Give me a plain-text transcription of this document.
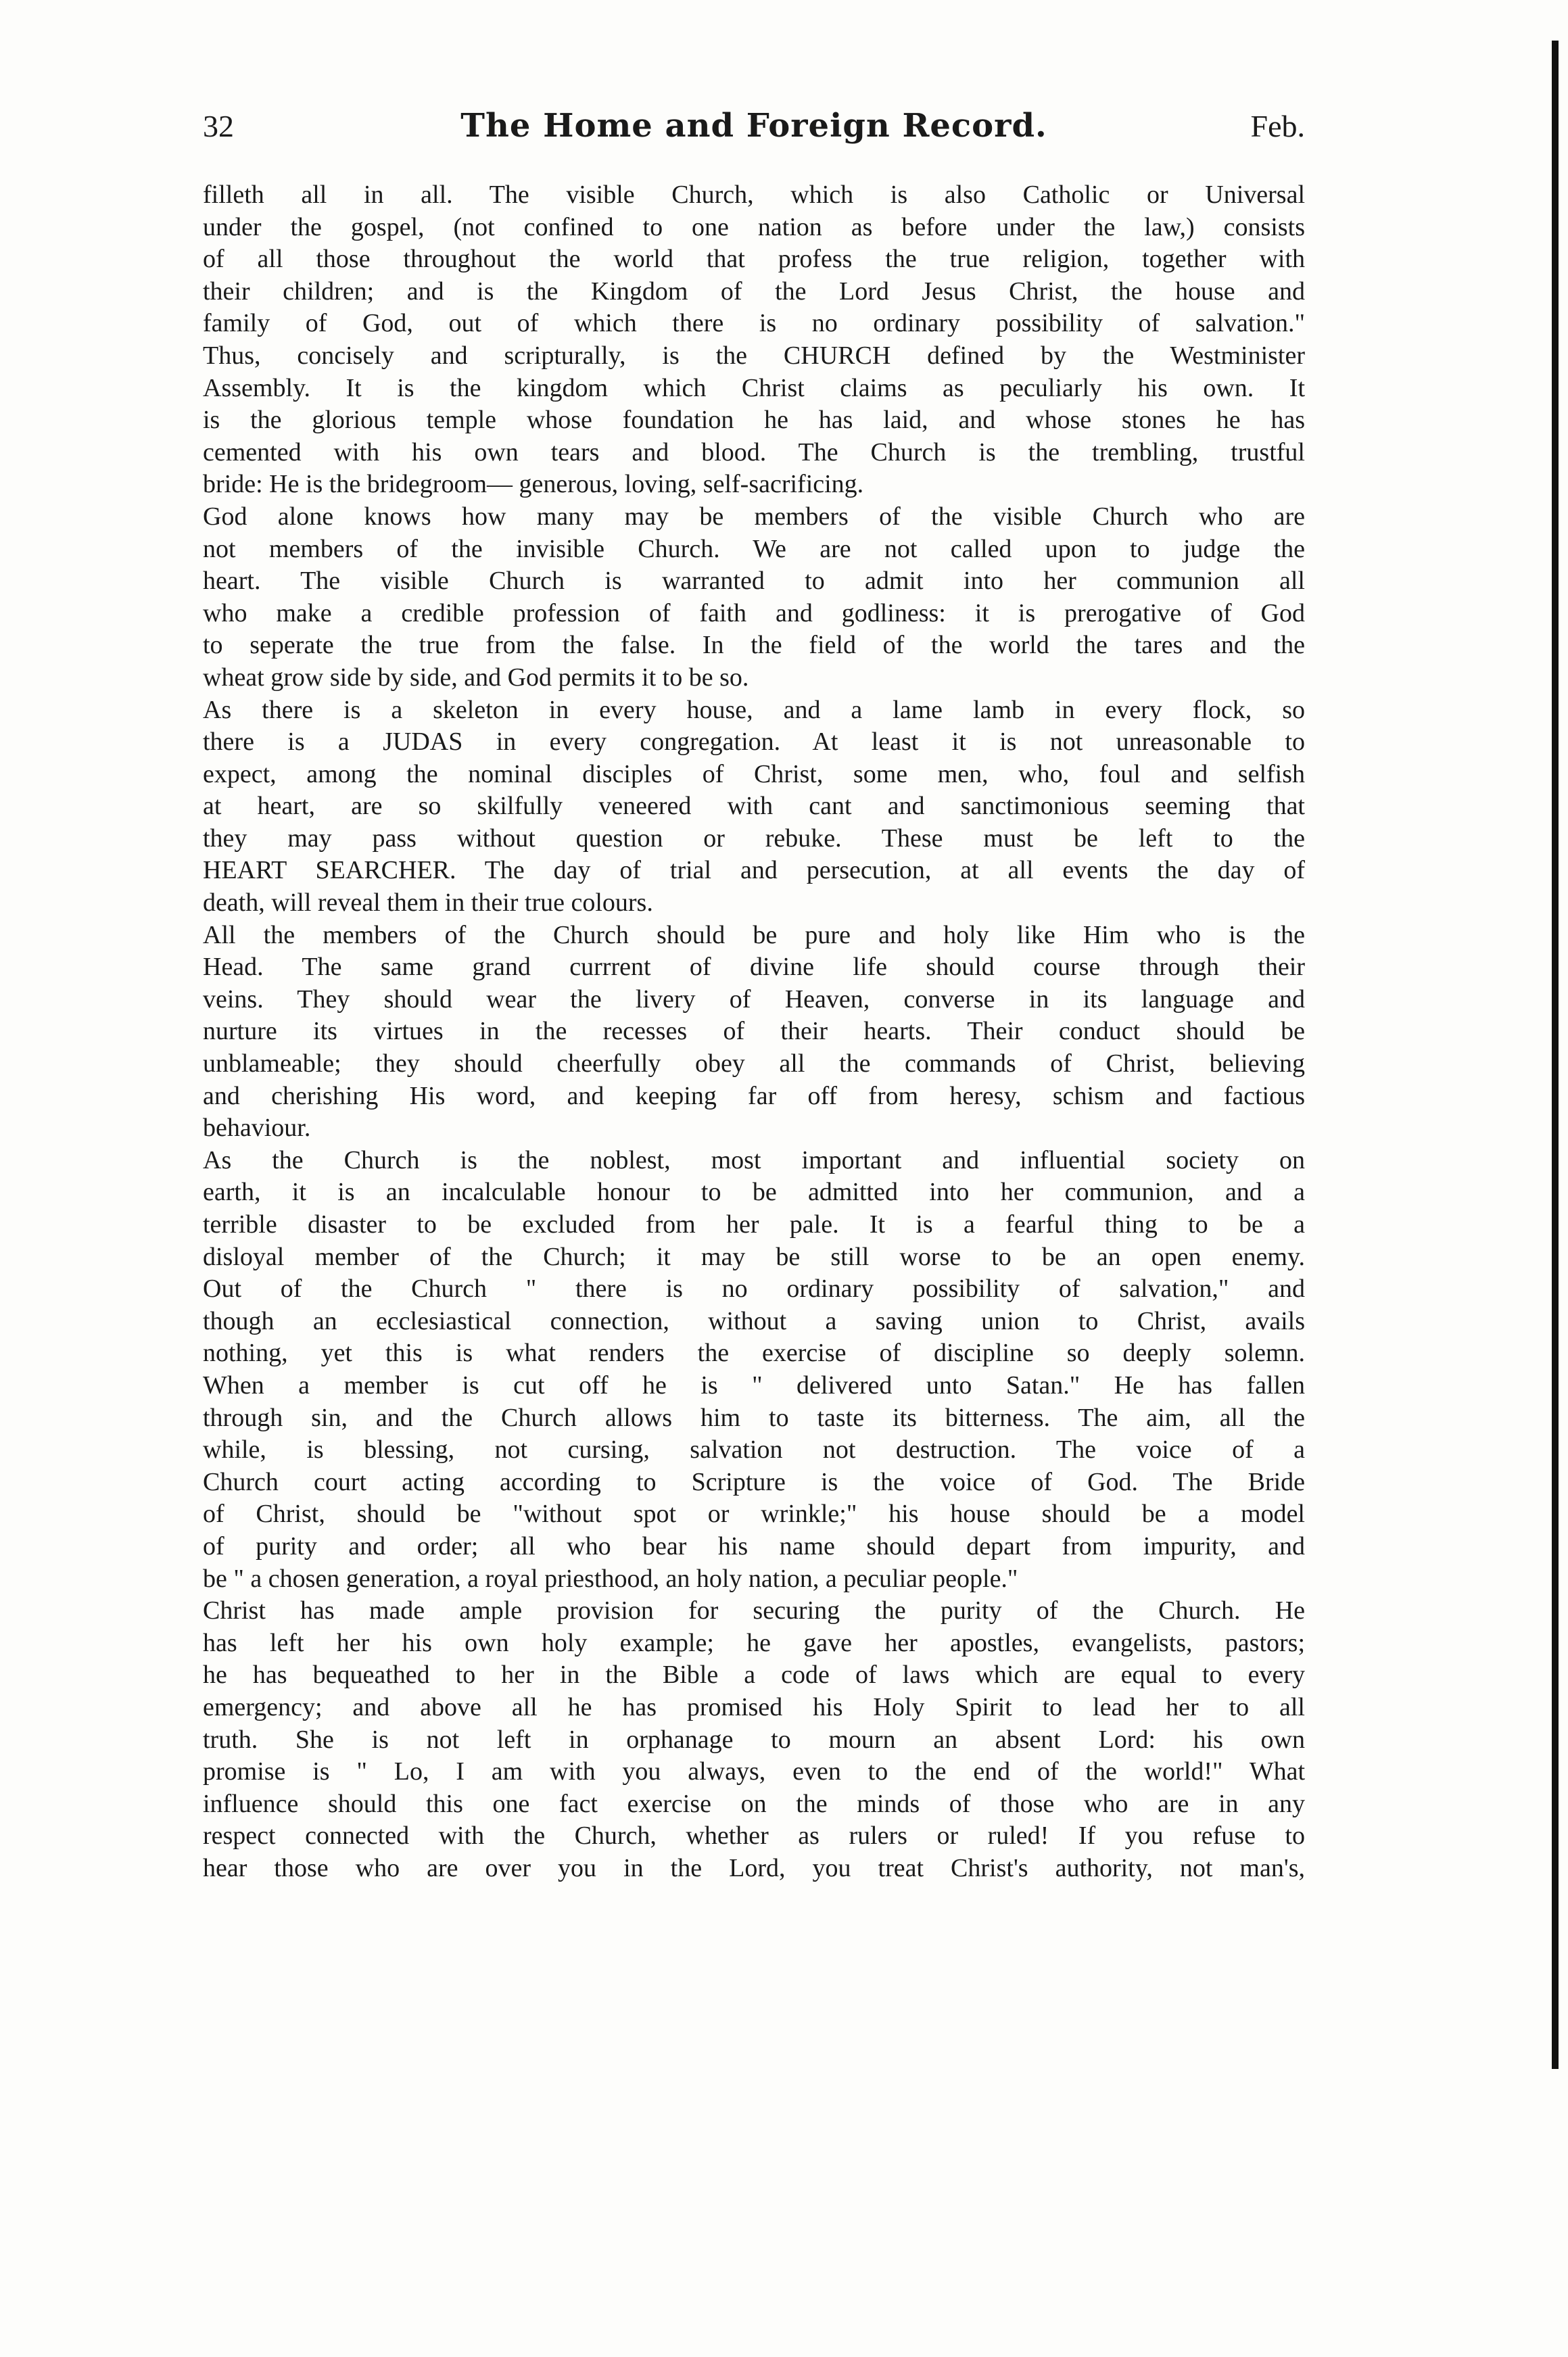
32	The Home and Foreign Record.	Feb.

filleth all in all. The visible Church, which is also Catholic or Universal

under the gospel, (not confined to one nation as before under the law,) consists

of all those throughout the world that profess the true religion, together with

their children; and is the Kingdom of the Lord Jesus Christ, the house and

family of God, out of which there is no ordinary possibility of salvation."

Thus, concisely and scripturally, is the CHURCH defined by the Westminister

Assembly. It is the kingdom which Christ claims as peculiarly his own. It

is the glorious temple whose foundation he has laid, and whose stones he has

cemented with his own tears and blood. The Church is the trembling, trustful

bride: He is the bridegroom— generous, loving, self-sacrificing.

God alone knows how many may be members of the visible Church who are

not members of the invisible Church. We are not called upon to judge the

heart. The visible Church is warranted to admit into her communion all

who make a credible profession of faith and godliness: it is prerogative of God

to seperate the true from the false. In the field of the world the tares and the

wheat grow side by side, and God permits it to be so.

As there is a skeleton in every house, and a lame lamb in every flock, so

there is a JUDAS in every congregation. At least it is not unreasonable to

expect, among the nominal disciples of Christ, some men, who, foul and selfish

at heart, are so skilfully veneered with cant and sanctimonious seeming that

they may pass without question or rebuke. These must be left to the

HEART SEARCHER. The day of trial and persecution, at all events the day of

death, will reveal them in their true colours.

All the members of the Church should be pure and holy like Him who is the

Head. The same grand currrent of divine life should course through their

veins. They should wear the livery of Heaven, converse in its language and

nurture its virtues in the recesses of their hearts. Their conduct should be

unblameable; they should cheerfully obey all the commands of Christ, believing

and cherishing His word, and keeping far off from heresy, schism and factious

behaviour.

As the Church is the noblest, most important and influential society on

earth, it is an incalculable honour to be admitted into her communion, and a

terrible disaster to be excluded from her pale. It is a fearful thing to be a

disloyal member of the Church; it may be still worse to be an open enemy.

Out of the Church " there is no ordinary possibility of salvation," and

though an ecclesiastical connection, without a saving union to Christ, avails

nothing, yet this is what renders the exercise of discipline so deeply solemn.

When a member is cut off he is " delivered unto Satan." He has fallen

through sin, and the Church allows him to taste its bitterness. The aim, all the

while, is blessing, not cursing, salvation not destruction. The voice of a

Church court acting according to Scripture is the voice of God. The Bride

of Christ, should be "without spot or wrinkle;" his house should be a model

of purity and order; all who bear his name should depart from impurity, and

be " a chosen generation, a royal priesthood, an holy nation, a peculiar people."

Christ has made ample provision for securing the purity of the Church. He

has left her his own holy example; he gave her apostles, evangelists, pastors;

he has bequeathed to her in the Bible a code of laws which are equal to every

emergency; and above all he has promised his Holy Spirit to lead her to all

truth. She is not left in orphanage to mourn an absent Lord: his own

promise is " Lo, I am with you always, even to the end of the world!" What

influence should this one fact exercise on the minds of those who are in any

respect connected with the Church, whether as rulers or ruled! If you refuse to

hear those who are over you in the Lord, you treat Christ's authority, not man's,
